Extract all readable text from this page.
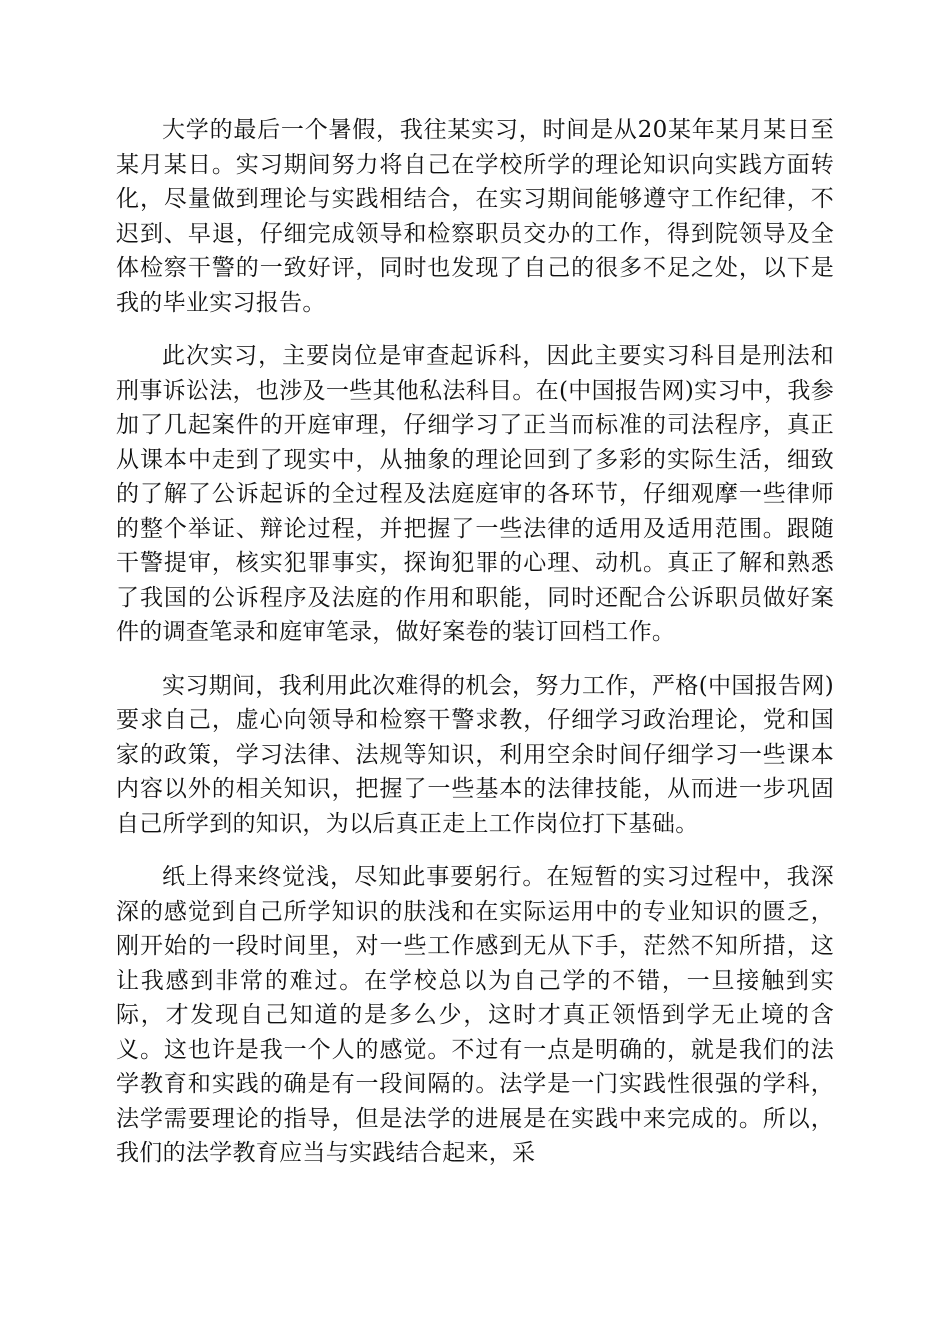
大学的最后一个暑假，我往某实习，时间是从20某年某月某日至某月某日。实习期间努力将自己在学校所学的理论知识向实践方面转化，尽量做到理论与实践相结合，在实习期间能够遵守工作纪律，不迟到、早退，仔细完成领导和检察职员交办的工作，得到院领导及全体检察干警的一致好评，同时也发现了自己的很多不足之处，以下是我的毕业实习报告。

此次实习，主要岗位是审查起诉科，因此主要实习科目是刑法和刑事诉讼法，也涉及一些其他私法科目。在(中国报告网)实习中，我参加了几起案件的开庭审理，仔细学习了正当而标准的司法程序，真正从课本中走到了现实中，从抽象的理论回到了多彩的实际生活，细致的了解了公诉起诉的全过程及法庭庭审的各环节，仔细观摩一些律师的整个举证、辩论过程，并把握了一些法律的适用及适用范围。跟随干警提审，核实犯罪事实，探询犯罪的心理、动机。真正了解和熟悉了我国的公诉程序及法庭的作用和职能，同时还配合公诉职员做好案件的调查笔录和庭审笔录，做好案卷的装订回档工作。

实习期间，我利用此次难得的机会，努力工作，严格(中国报告网)要求自己，虚心向领导和检察干警求教，仔细学习政治理论，党和国家的政策，学习法律、法规等知识，利用空余时间仔细学习一些课本内容以外的相关知识，把握了一些基本的法律技能，从而进一步巩固自己所学到的知识，为以后真正走上工作岗位打下基础。

纸上得来终觉浅，尽知此事要躬行。在短暂的实习过程中，我深深的感觉到自己所学知识的肤浅和在实际运用中的专业知识的匮乏，刚开始的一段时间里，对一些工作感到无从下手，茫然不知所措，这让我感到非常的难过。在学校总以为自己学的不错，一旦接触到实际，才发现自己知道的是多么少，这时才真正领悟到学无止境的含义。这也许是我一个人的感觉。不过有一点是明确的，就是我们的法学教育和实践的确是有一段间隔的。法学是一门实践性很强的学科，法学需要理论的指导，但是法学的进展是在实践中来完成的。所以，我们的法学教育应当与实践结合起来，采
